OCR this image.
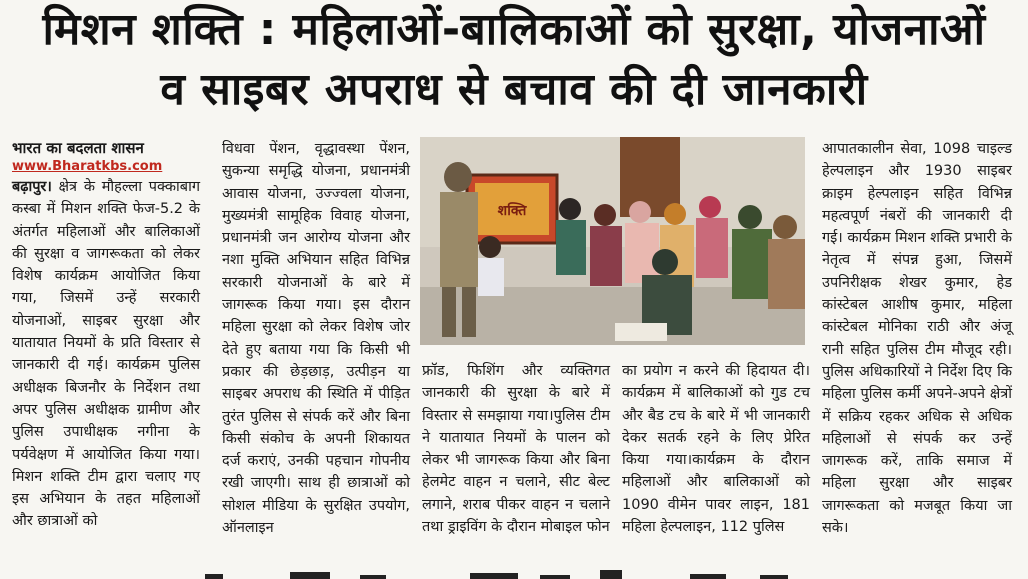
मिशन शक्ति : महिलाओं-बालिकाओं को सुरक्षा, योजनाओं
व साइबर अपराध से बचाव की दी जानकारी

भारत का बदलता शासन

www.Bharatkbs.com

बढ़ापुर। क्षेत्र के मौहल्ला पक्काबाग कस्बा में मिशन शक्ति फेज-5.2 के अंतर्गत महिलाओं और बालिकाओं की सुरक्षा व जागरूकता को लेकर विशेष कार्यक्रम आयोजित किया गया, जिसमें उन्हें सरकारी योजनाओं, साइबर सुरक्षा और यातायात नियमों के प्रति विस्तार से जानकारी दी गई। कार्यक्रम पुलिस अधीक्षक बिजनौर के निर्देशन तथा अपर पुलिस अधीक्षक ग्रामीण और पुलिस उपाधीक्षक नगीना के पर्यवेक्षण में आयोजित किया गया। मिशन शक्ति टीम द्वारा चलाए गए इस अभियान के तहत महिलाओं और छात्राओं को

विधवा पेंशन, वृद्धावस्था पेंशन, सुकन्या समृद्धि योजना, प्रधानमंत्री आवास योजना, उज्ज्वला योजना, मुख्यमंत्री सामूहिक विवाह योजना, प्रधानमंत्री जन आरोग्य योजना और नशा मुक्ति अभियान सहित विभिन्न सरकारी योजनाओं के बारे में जागरूक किया गया। इस दौरान महिला सुरक्षा को लेकर विशेष जोर देते हुए बताया गया कि किसी भी प्रकार की छेड़छाड़, उत्पीड़न या साइबर अपराध की स्थिति में पीड़ित तुरंत पुलिस से संपर्क करें और बिना किसी संकोच के अपनी शिकायत दर्ज कराएं, उनकी पहचान गोपनीय रखी जाएगी। साथ ही छात्राओं को सोशल मीडिया के सुरक्षित उपयोग, ऑनलाइन

शक्ति

फ्रॉड, फिशिंग और व्यक्तिगत जानकारी की सुरक्षा के बारे में विस्तार से समझाया गया।पुलिस टीम ने यातायात नियमों के पालन को लेकर भी जागरूक किया और बिना हेलमेट वाहन न चलाने, सीट बेल्ट लगाने, शराब पीकर वाहन न चलाने तथा ड्राइविंग के दौरान मोबाइल फोन

का प्रयोग न करने की हिदायत दी। कार्यक्रम में बालिकाओं को गुड टच और बैड टच के बारे में भी जानकारी देकर सतर्क रहने के लिए प्रेरित किया गया।कार्यक्रम के दौरान महिलाओं और बालिकाओं को 1090 वीमेन पावर लाइन, 181 महिला हेल्पलाइन, 112 पुलिस

आपातकालीन सेवा, 1098 चाइल्ड हेल्पलाइन और 1930 साइबर क्राइम हेल्पलाइन सहित विभिन्न महत्वपूर्ण नंबरों की जानकारी दी गई। कार्यक्रम मिशन शक्ति प्रभारी के नेतृत्व में संपन्न हुआ, जिसमें उपनिरीक्षक शेखर कुमार, हेड कांस्टेबल आशीष कुमार, महिला कांस्टेबल मोनिका राठी और अंजू रानी सहित पुलिस टीम मौजूद रही। पुलिस अधिकारियों ने निर्देश दिए कि महिला पुलिस कर्मी अपने-अपने क्षेत्रों में सक्रिय रहकर अधिक से अधिक महिलाओं से संपर्क कर उन्हें जागरूक करें, ताकि समाज में महिला सुरक्षा और साइबर जागरूकता को मजबूत किया जा सके।
